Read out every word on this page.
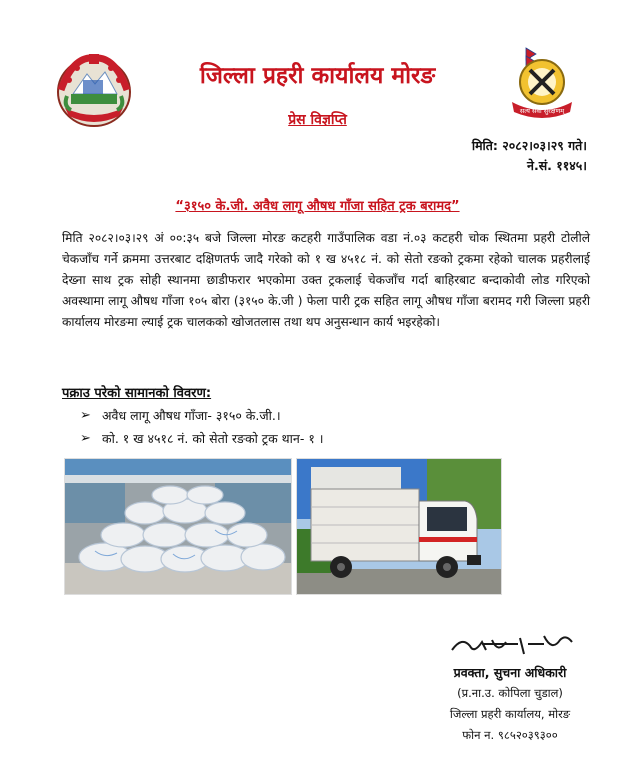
सत्य सेवा सुरक्षणम्
जिल्ला प्रहरी कार्यालय मोरङ
प्रेस विज्ञप्ति
मिति: २०८२।०३।२९ गते।
ने.सं. ११४५।
“३१५० के.जी. अवैध लागू औषध गाँजा सहित ट्रक बरामद”
मिति २०८२।०३।२९ अं ००:३५ बजे जिल्ला मोरङ कटहरी गाउँपालिक वडा नं.०३ कटहरी चोक स्थितमा प्रहरी टोलीले चेकजाँच गर्ने क्रममा उत्तरबाट दक्षिणतर्फ जादै गरेको को १ ख ४५१८ नं. को सेतो रङको ट्रकमा रहेको चालक प्रहरीलाई देख्ना साथ ट्रक सोही स्थानमा छाडीफरार भएकोमा उक्त ट्रकलाई चेकजाँच गर्दा बाहिरबाट बन्दाकोवी लोड गरिएको अवस्थामा लागू औषध गाँजा १०५ बोरा (३१५० के.जी ) फेला पारी ट्रक सहित लागू औषध गाँजा बरामद गरी जिल्ला प्रहरी कार्यालय मोरङमा ल्याई ट्रक चालकको खोजतलास तथा थप अनुसन्धान कार्य भइरहेको।
पक्राउ परेको सामानको विवरण:
➢ अवैध लागू औषध गाँजा- ३१५० के.जी.।
➢ को. १ ख ४५१८ नं. को सेतो रङको ट्रक थान- १ ।
प्रवक्ता, सुचना अधिकारी
(प्र.ना.उ. कोपिला चुडाल)
जिल्ला प्रहरी कार्यालय, मोरङ
फोन न. ९८५२०३९३००
